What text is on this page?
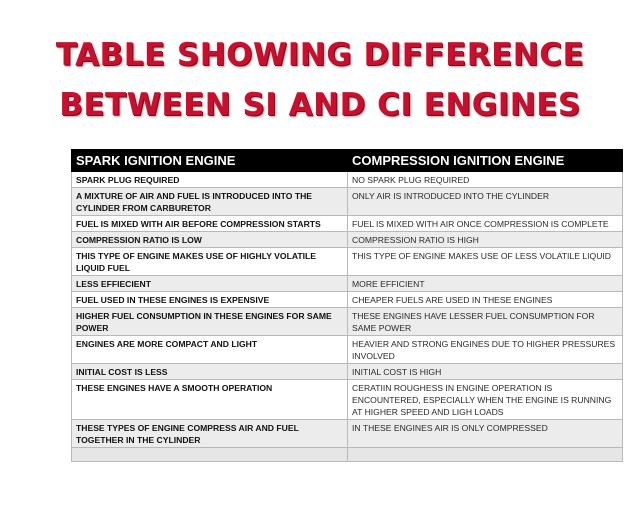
TABLE SHOWING DIFFERENCE
BETWEEN SI AND CI ENGINES
SPARK IGNITION ENGINE	COMPRESSION IGNITION ENGINE
SPARK PLUG REQUIRED	NO SPARK PLUG REQUIRED
A MIXTURE OF AIR AND FUEL IS INTRODUCED INTO THE CYLINDER FROM CARBURETOR	ONLY AIR IS INTRODUCED INTO THE CYLINDER
FUEL IS MIXED WITH AIR BEFORE COMPRESSION STARTS	FUEL IS MIXED WITH AIR ONCE COMPRESSION IS COMPLETE
COMPRESSION RATIO IS LOW	COMPRESSION RATIO IS HIGH
THIS TYPE OF ENGINE MAKES USE OF HIGHLY VOLATILE LIQUID FUEL	THIS TYPE OF ENGINE MAKES USE OF LESS VOLATILE LIQUID
LESS EFFIECIENT	MORE EFFICIENT
FUEL USED IN THESE ENGINES IS EXPENSIVE	CHEAPER FUELS ARE USED IN THESE ENGINES
HIGHER FUEL CONSUMPTION IN THESE ENGINES FOR SAME POWER	THESE ENGINES HAVE LESSER FUEL CONSUMPTION FOR SAME POWER
ENGINES ARE MORE COMPACT AND LIGHT	HEAVIER AND STRONG ENGINES DUE TO HIGHER PRESSURES INVOLVED
INITIAL COST IS LESS	INITIAL COST IS HIGH
THESE ENGINES HAVE A SMOOTH OPERATION	CERATIIN ROUGHESS IN ENGINE OPERATION IS ENCOUNTERED, ESPECIALLY WHEN THE ENGINE IS RUNNING AT HIGHER SPEED AND LIGH LOADS
THESE TYPES OF ENGINE COMPRESS AIR AND FUEL TOGETHER IN THE CYLINDER	IN THESE ENGINES AIR IS ONLY COMPRESSED
